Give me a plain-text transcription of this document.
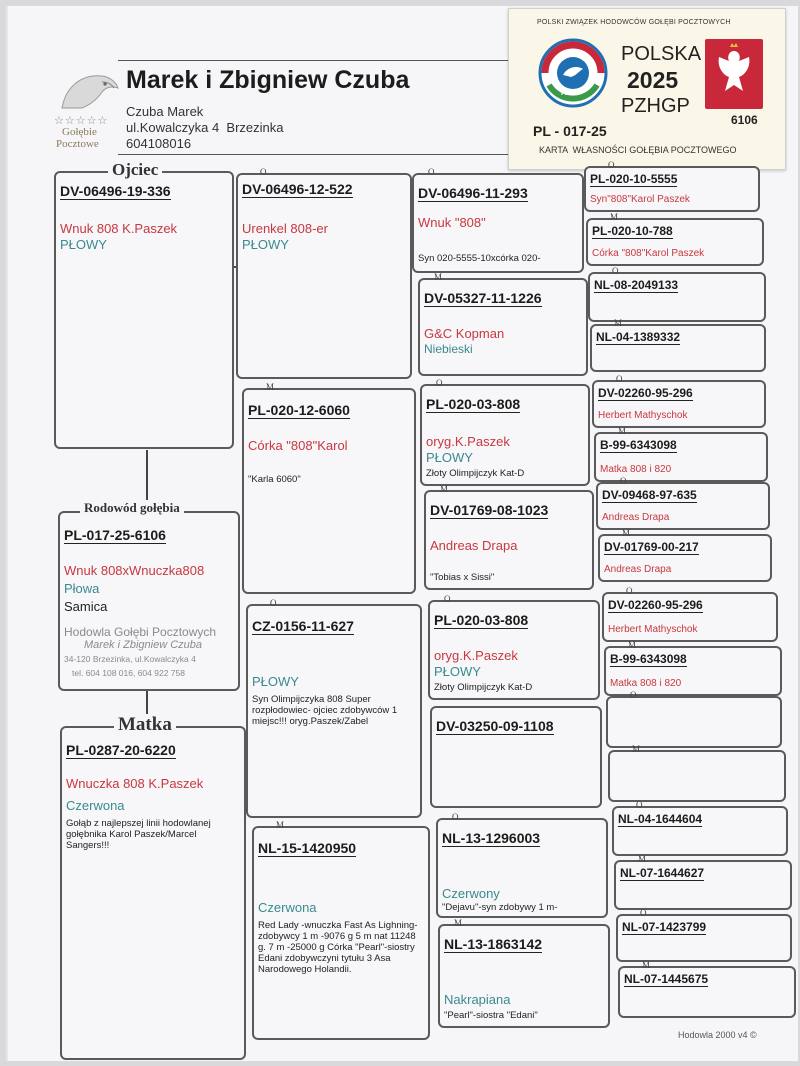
☆☆☆☆☆
Gołębie
Pocztowe
Marek i Zbigniew Czuba
Czuba Marek
ul.Kowalczyka 4  Brzezinka
604108016
POLSKI ZWIĄZEK HODOWCÓW GOŁĘBI POCZTOWYCH
PZHGP
POLSKA
2025
PZHGP
PL - 017-25
6106
KARTA  WŁASNOŚCI GOŁĘBIA POCZTOWEGO
DV-06496-19-336
Wnuk 808 K.Paszek
PŁOWY
Ojciec
PL-017-25-6106
Wnuk 808xWnuczka808
Płowa
Samica
Hodowla Gołębi Pocztowych
Marek i Zbigniew Czuba
34-120 Brzezinka, ul.Kowalczyka 4
tel. 604 108 016, 604 922 758
Rodowód gołębia
PL-0287-20-6220
Wnuczka 808 K.Paszek
Czerwona
Gołąb z najlepszej linii hodowlanej gołębnika Karol Paszek/Marcel Sangers!!!
Matka
O
DV-06496-12-522
Urenkel 808-er
PŁOWY
M
PL-020-12-6060
Córka "808"Karol
"Karla 6060"
O
CZ-0156-11-627
PŁOWY
Syn Olimpijczyka 808 Super rozpłodowiec- ojciec zdobywców 1 miejsc!!! oryg.Paszek/Zabel
M
NL-15-1420950
Czerwona
Red Lady -wnuczka Fast As Lighning-zdobywcy 1 m -9076 g 5 m nat 11248 g. 7 m -25000 g Córka "Pearl"-siostry Edani zdobywczyni tytułu 3 Asa Narodowego Holandii.
O
DV-06496-11-293
Wnuk "808"
Syn 020-5555-10xcórka 020-
M
DV-05327-11-1226
G&C Kopman
Niebieski
O
PL-020-03-808
oryg.K.Paszek
PŁOWY
Złoty Olimpijczyk Kat-D
M
DV-01769-08-1023
Andreas Drapa
"Tobias x Sissi"
O
PL-020-03-808
oryg.K.Paszek
PŁOWY
Złoty Olimpijczyk Kat-D
DV-03250-09-1108
O
NL-13-1296003
Czerwony
"Dejavu"-syn zdobywy 1 m-
M
NL-13-1863142
Nakrapiana
"Pearl"-siostra "Edani"
O
PL-020-10-5555
Syn"808"Karol Paszek
M
PL-020-10-788
Córka "808"Karol Paszek
O
NL-08-2049133
M
NL-04-1389332
O
DV-02260-95-296
Herbert Mathyschok
M
B-99-6343098
Matka 808 i 820
O
DV-09468-97-635
Andreas Drapa
M
DV-01769-00-217
Andreas Drapa
O
DV-02260-95-296
Herbert Mathyschok
M
B-99-6343098
Matka 808 i 820
O
M
O
NL-04-1644604
M
NL-07-1644627
O
NL-07-1423799
M
NL-07-1445675
Hodowla 2000 v4 ©
